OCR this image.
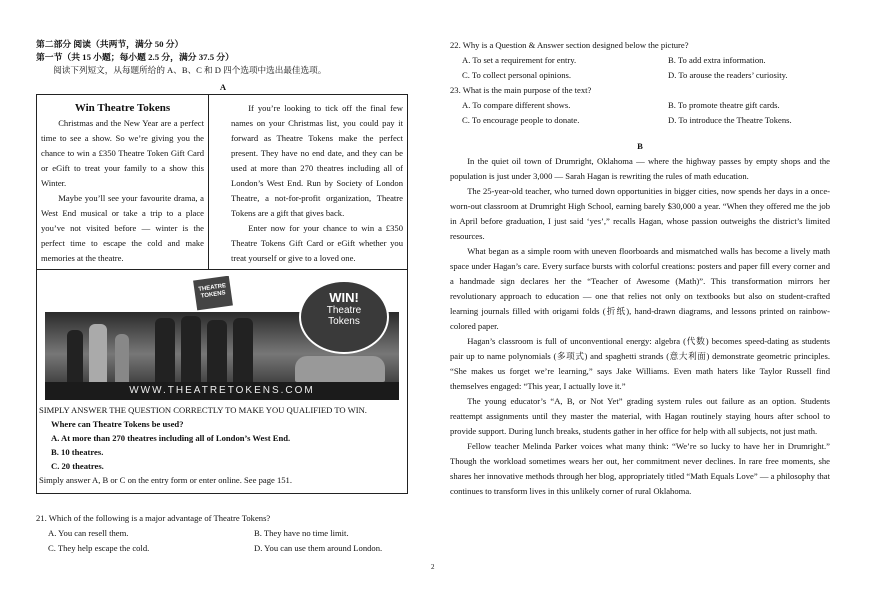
第二部分 阅读（共两节，满分 50 分）
第一节（共 15 小题；每小题 2.5 分，满分 37.5 分）
阅读下列短文，从每题所给的 A、B、C 和 D 四个选项中选出最佳选项。
A
Win Theatre Tokens

Christmas and the New Year are a perfect time to see a show. So we’re giving you the chance to win a £350 Theatre Token Gift Card or eGift to treat your family to a show this Winter.

Maybe you’ll see your favourite drama, a West End musical or take a trip to a place you’ve not visited before — winter is the perfect time to escape the cold and make memories at the theatre.

If you’re looking to tick off the final few names on your Christmas list, you could pay it forward as Theatre Tokens make the perfect present. They have no end date, and they can be used at more than 270 theatres including all of London’s West End. Run by Society of London Theatre, a not-for-profit organization, Theatre Tokens are a gift that gives back.

Enter now for your chance to win a £350 Theatre Tokens Gift Card or eGift whether you treat yourself or give to a loved one.

THEATRE TOKENS	WIN!
Theatre
Tokens
WWW.THEATRETOKENS.COM
SIMPLY ANSWER THE QUESTION CORRECTLY TO MAKE YOU QUALIFIED TO WIN.
Where can Theatre Tokens be used?
A. At more than 270 theatres including all of London’s West End.
B. 10 theatres.
C. 20 theatres.
Simply answer A, B or C on the entry form or enter online. See page 151.
21. Which of the following is a major advantage of Theatre Tokens?
A. You can resell them.	B. They have no time limit.
C. They help escape the cold.	D. You can use them around London.
22. Why is a Question & Answer section designed below the picture?
A. To set a requirement for entry.	B. To add extra information.
C. To collect personal opinions.	D. To arouse the readers’ curiosity.
23. What is the main purpose of the text?
A. To compare different shows.	B. To promote theatre gift cards.
C. To encourage people to donate.	D. To introduce the Theatre Tokens.
B

In the quiet oil town of Drumright, Oklahoma — where the highway passes by empty shops and the population is just under 3,000 — Sarah Hagan is rewriting the rules of math education.

The 25-year-old teacher, who turned down opportunities in bigger cities, now spends her days in a once-worn-out classroom at Drumright High School, earning barely $30,000 a year. “When they offered me the job in April before graduation, I just said ‘yes’,” recalls Hagan, whose passion outweighs the district’s limited resources.

What began as a simple room with uneven floorboards and mismatched walls has become a lively math space under Hagan’s care. Every surface bursts with colorful creations: posters and paper fill every corner and a handmade sign declares her the “Teacher of Awesome (Math)”. This transformation mirrors her revolutionary approach to education — one that relies not only on textbooks but also on student-crafted learning journals filled with origami folds (折纸), hand-drawn diagrams, and lessons printed on rainbow-colored paper.

Hagan’s classroom is full of unconventional energy: algebra (代数) becomes speed-dating as students pair up to name polynomials (多项式) and spaghetti strands (意大利面) demonstrate geometric principles. “She makes us forget we’re learning,” says Jake Williams. Even math haters like Taylor Russell find themselves engaged: “This year, I actually love it.”

The young educator’s “A, B, or Not Yet” grading system rules out failure as an option. Students reattempt assignments until they master the material, with Hagan routinely staying hours after school to provide support. During lunch breaks, students gather in her office for help with all subjects, not just math.

Fellow teacher Melinda Parker voices what many think: “We’re so lucky to have her in Drumright.” Though the workload sometimes wears her out, her commitment never declines. In rare free moments, she shares her innovative methods through her blog, appropriately titled “Math Equals Love” — a philosophy that continues to transform lives in this unlikely corner of rural Oklahoma.

2
